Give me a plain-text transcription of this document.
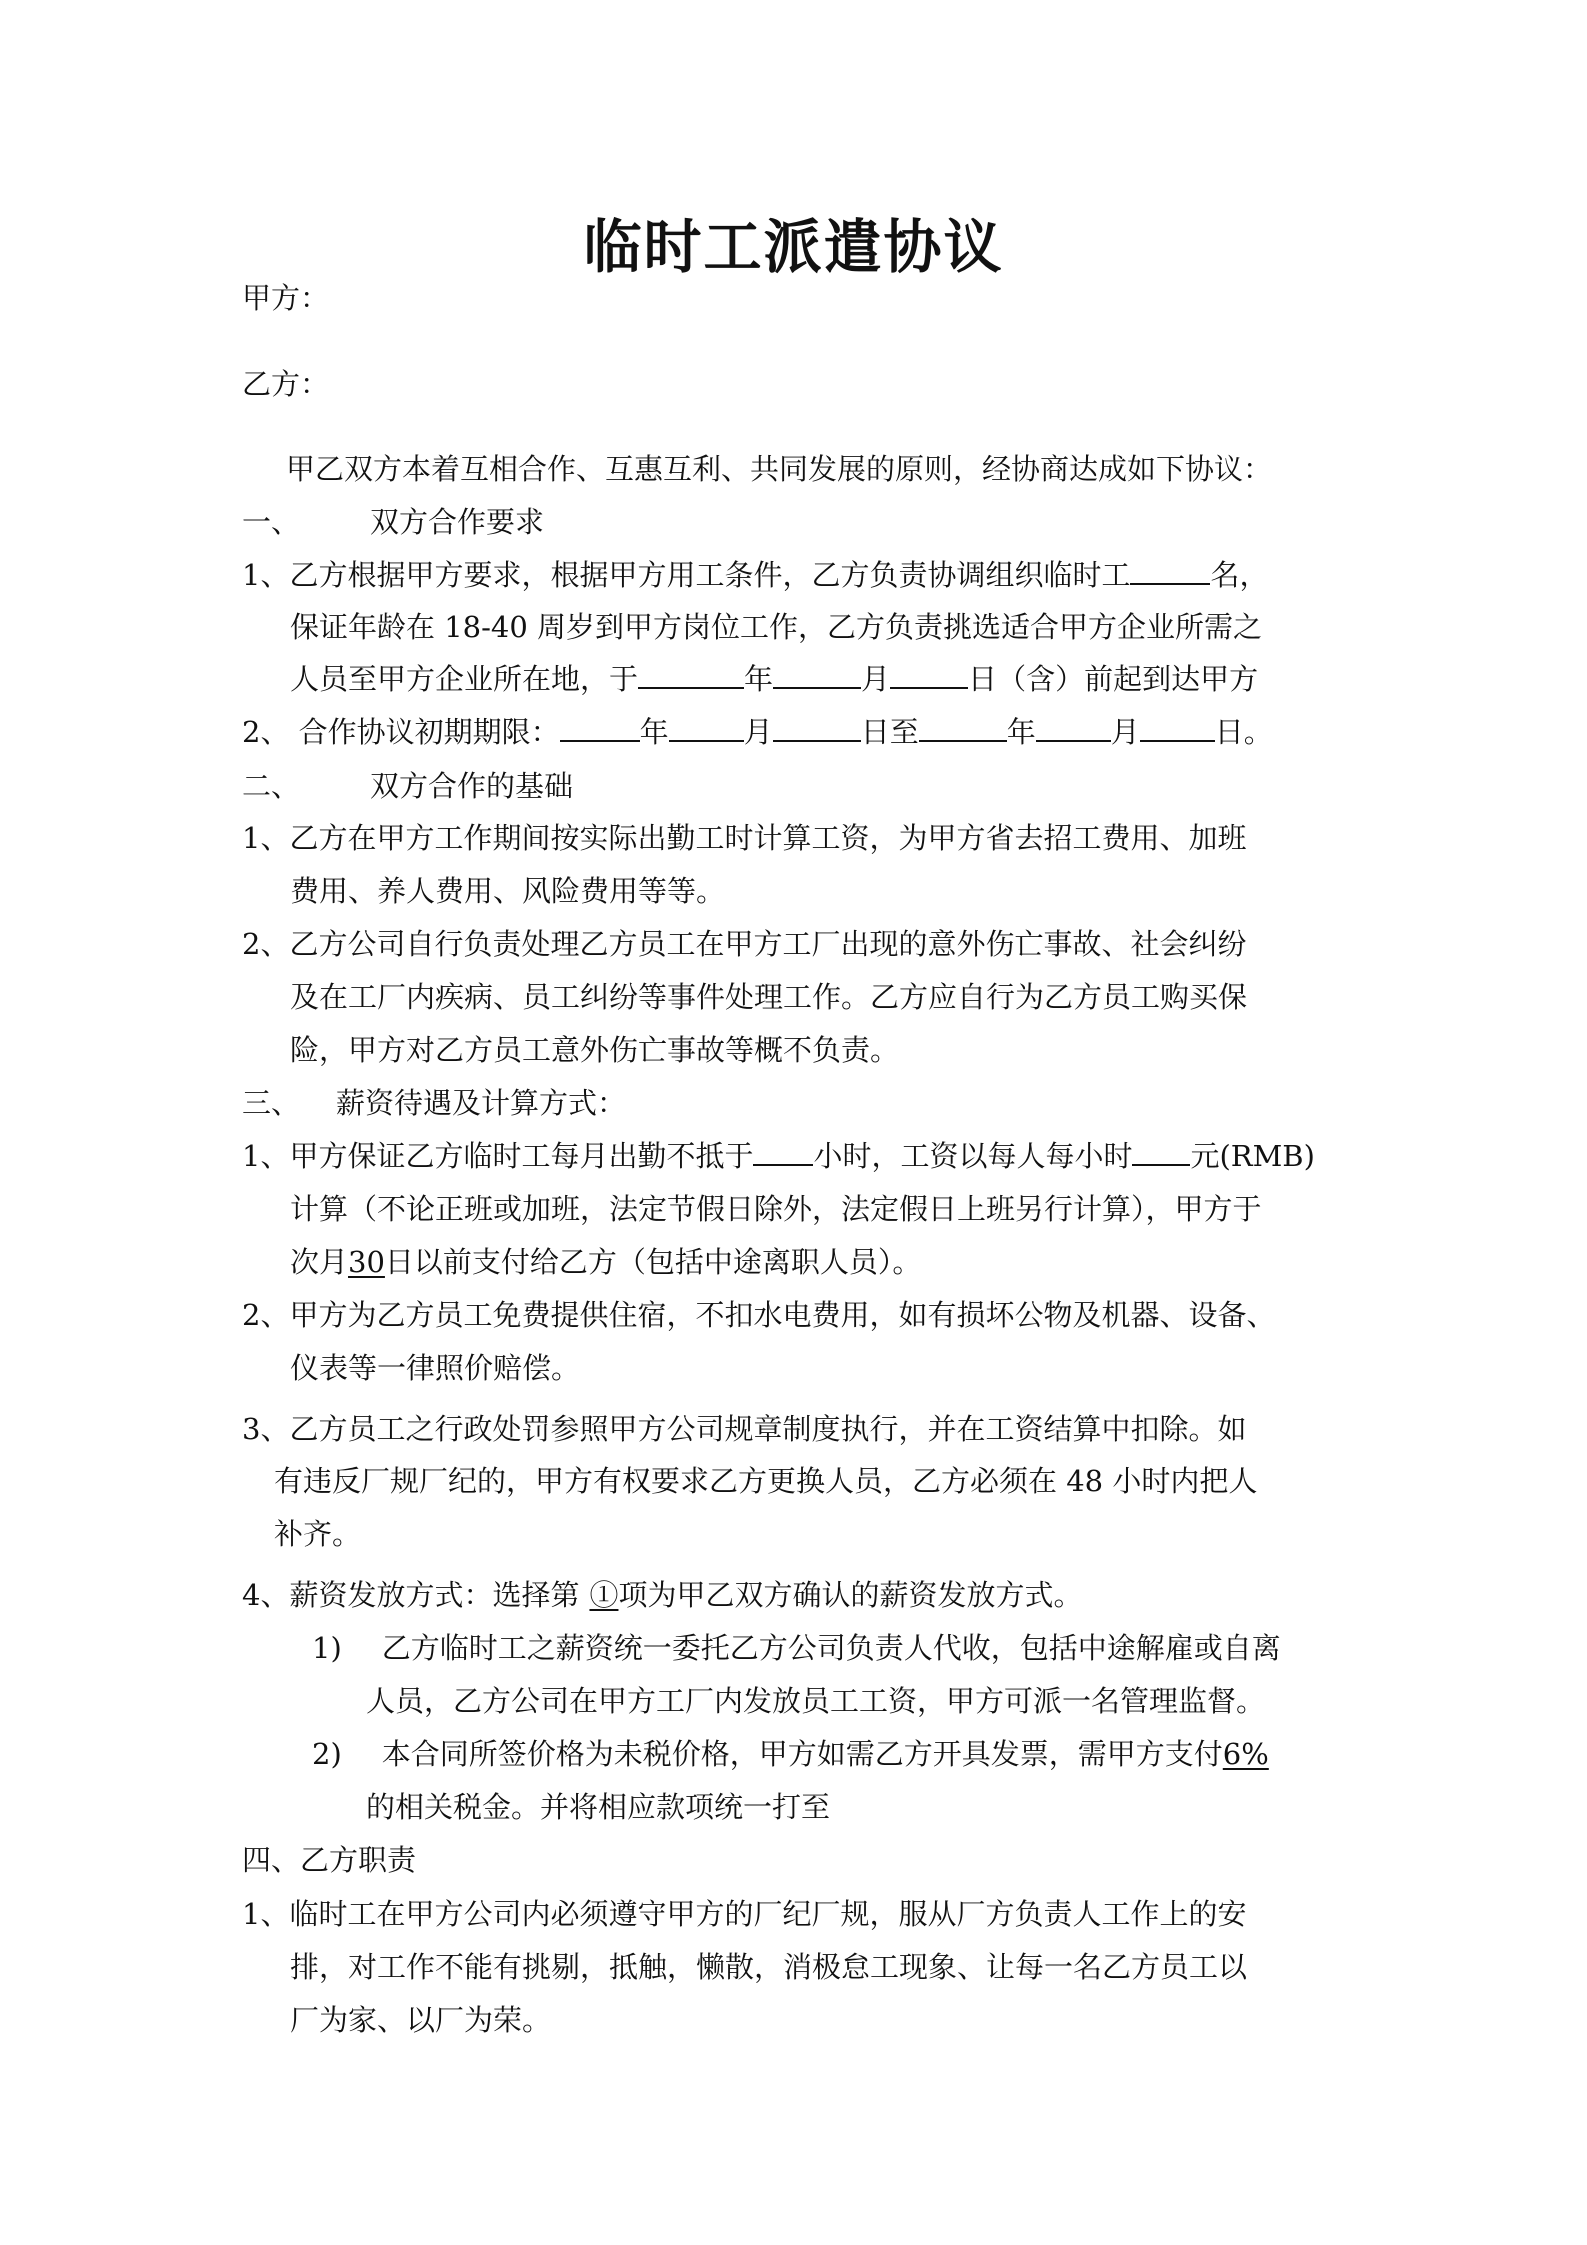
临时工派遣协议
甲方：
乙方：
甲乙双方本着互相合作、互惠互利、共同发展的原则，经协商达成如下协议：
一、 双方合作要求
1、乙方根据甲方要求，根据甲方用工条件，乙方负责协调组织临时工	名，
保证年龄在 18-40 周岁到甲方岗位工作，乙方负责挑选适合甲方企业所需之
人员至甲方企业所在地，于	年	月	日（含）前起到达甲方
2、 合作协议初期期限：	年	月	日至	年	月	日。
二、 双方合作的基础
1、乙方在甲方工作期间按实际出勤工时计算工资，为甲方省去招工费用、加班
费用、养人费用、风险费用等等。
2、乙方公司自行负责处理乙方员工在甲方工厂出现的意外伤亡事故、社会纠纷
及在工厂内疾病、员工纠纷等事件处理工作。乙方应自行为乙方员工购买保
险，甲方对乙方员工意外伤亡事故等概不负责。
三、 薪资待遇及计算方式：
1、甲方保证乙方临时工每月出勤不抵于 小时，工资以每人每小时 元(RMB)
计算（不论正班或加班，法定节假日除外，法定假日上班另行计算），甲方于
次月30日以前支付给乙方（包括中途离职人员）。
2、甲方为乙方员工免费提供住宿，不扣水电费用，如有损坏公物及机器、设备、
仪表等一律照价赔偿。
3、乙方员工之行政处罚参照甲方公司规章制度执行，并在工资结算中扣除。如
有违反厂规厂纪的，甲方有权要求乙方更换人员，乙方必须在 48 小时内把人
补齐。
4、薪资发放方式：选择第 ①项为甲乙双方确认的薪资发放方式。
1) 乙方临时工之薪资统一委托乙方公司负责人代收，包括中途解雇或自离
人员，乙方公司在甲方工厂内发放员工工资，甲方可派一名管理监督。
2) 本合同所签价格为未税价格，甲方如需乙方开具发票，需甲方支付6%
的相关税金。并将相应款项统一打至
四、乙方职责
1、临时工在甲方公司内必须遵守甲方的厂纪厂规，服从厂方负责人工作上的安
排，对工作不能有挑剔，抵触，懒散，消极怠工现象、让每一名乙方员工以
厂为家、以厂为荣。
